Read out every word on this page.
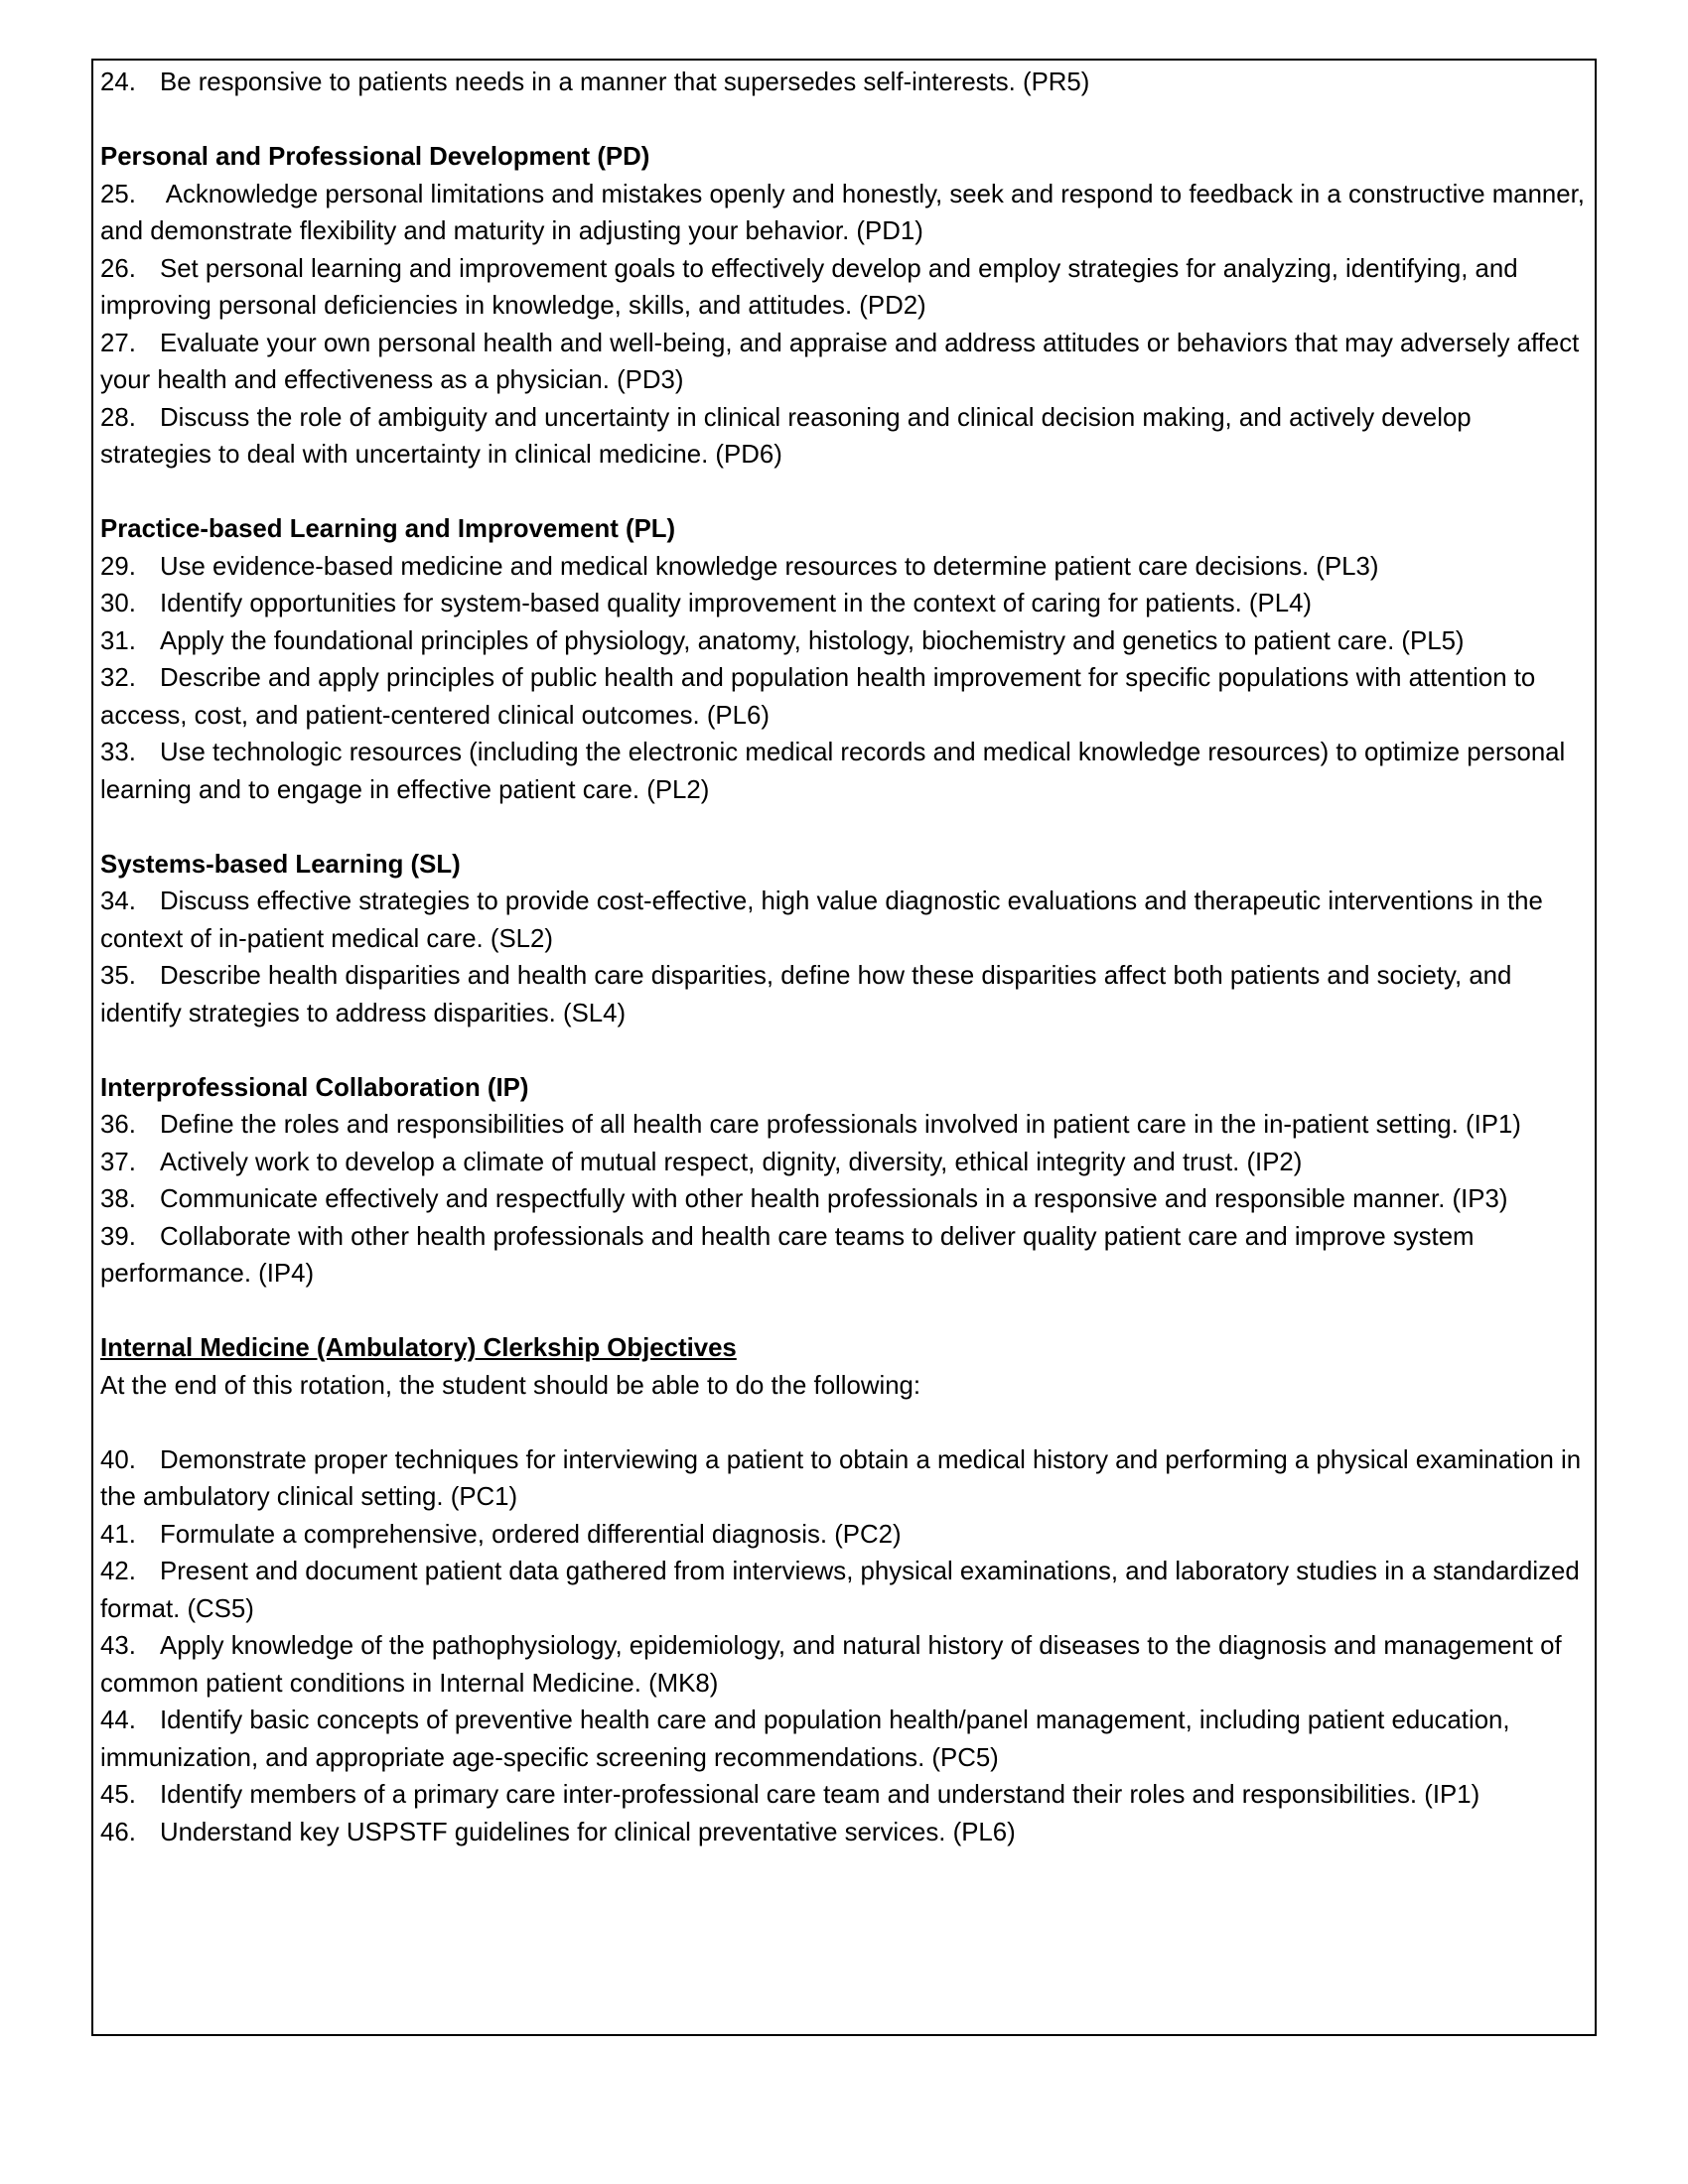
24. Be responsive to patients needs in a manner that supersedes self-interests. (PR5)

Personal and Professional Development (PD)

25. Acknowledge personal limitations and mistakes openly and honestly, seek and respond to feedback in a constructive manner, and demonstrate flexibility and maturity in adjusting your behavior. (PD1)

26. Set personal learning and improvement goals to effectively develop and employ strategies for analyzing, identifying, and improving personal deficiencies in knowledge, skills, and attitudes. (PD2)

27. Evaluate your own personal health and well-being, and appraise and address attitudes or behaviors that may adversely affect your health and effectiveness as a physician. (PD3)

28. Discuss the role of ambiguity and uncertainty in clinical reasoning and clinical decision making, and actively develop strategies to deal with uncertainty in clinical medicine. (PD6)

Practice-based Learning and Improvement (PL)

29. Use evidence-based medicine and medical knowledge resources to determine patient care decisions. (PL3)

30. Identify opportunities for system-based quality improvement in the context of caring for patients. (PL4)

31. Apply the foundational principles of physiology, anatomy, histology, biochemistry and genetics to patient care. (PL5)

32. Describe and apply principles of public health and population health improvement for specific populations with attention to access, cost, and patient-centered clinical outcomes. (PL6)

33. Use technologic resources (including the electronic medical records and medical knowledge resources) to optimize personal learning and to engage in effective patient care. (PL2)

Systems-based Learning (SL)

34. Discuss effective strategies to provide cost-effective, high value diagnostic evaluations and therapeutic interventions in the context of in-patient medical care. (SL2)

35. Describe health disparities and health care disparities, define how these disparities affect both patients and society, and identify strategies to address disparities. (SL4)

Interprofessional Collaboration (IP)

36. Define the roles and responsibilities of all health care professionals involved in patient care in the in-patient setting. (IP1)

37. Actively work to develop a climate of mutual respect, dignity, diversity, ethical integrity and trust. (IP2)

38. Communicate effectively and respectfully with other health professionals in a responsive and responsible manner. (IP3)

39. Collaborate with other health professionals and health care teams to deliver quality patient care and improve system performance. (IP4)

Internal Medicine (Ambulatory) Clerkship Objectives

At the end of this rotation, the student should be able to do the following:

40. Demonstrate proper techniques for interviewing a patient to obtain a medical history and performing a physical examination in the ambulatory clinical setting. (PC1)

41. Formulate a comprehensive, ordered differential diagnosis. (PC2)

42. Present and document patient data gathered from interviews, physical examinations, and laboratory studies in a standardized format. (CS5)

43. Apply knowledge of the pathophysiology, epidemiology, and natural history of diseases to the diagnosis and management of common patient conditions in Internal Medicine. (MK8)

44. Identify basic concepts of preventive health care and population health/panel management, including patient education, immunization, and appropriate age-specific screening recommendations. (PC5)

45. Identify members of a primary care inter-professional care team and understand their roles and responsibilities. (IP1)

46. Understand key USPSTF guidelines for clinical preventative services. (PL6)
